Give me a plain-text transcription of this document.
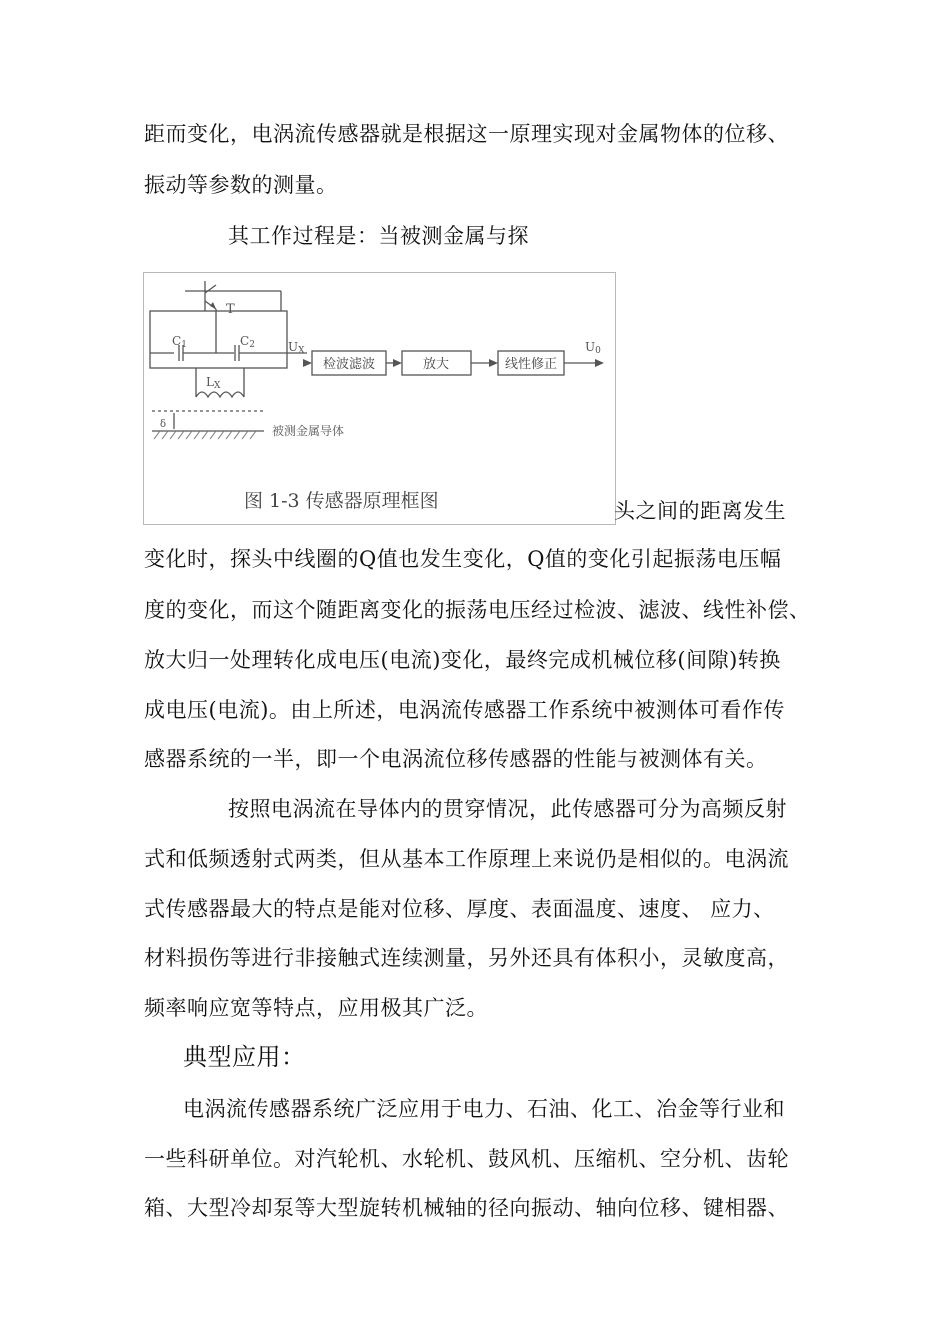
距而变化，电涡流传感器就是根据这一原理实现对金属物体的位移、

振动等参数的测量。

其工作过程是：当被测金属与探

检波滤波	放大	线性修正
T
C1	C2
LX
UX	U0
δ	被测金属导体
图 1-3 传感器原理框图	头之间的距离发生

变化时，探头中线圈的Q值也发生变化，Q值的变化引起振荡电压幅

度的变化，而这个随距离变化的振荡电压经过检波、滤波、线性补偿、

放大归一处理转化成电压(电流)变化，最终完成机械位移(间隙)转换

成电压(电流)。由上所述，电涡流传感器工作系统中被测体可看作传

感器系统的一半，即一个电涡流位移传感器的性能与被测体有关。

按照电涡流在导体内的贯穿情况，此传感器可分为高频反射

式和低频透射式两类，但从基本工作原理上来说仍是相似的。电涡流

式传感器最大的特点是能对位移、厚度、表面温度、速度、 应力、

材料损伤等进行非接触式连续测量，另外还具有体积小，灵敏度高，

频率响应宽等特点，应用极其广泛。

典型应用：

电涡流传感器系统广泛应用于电力、石油、化工、冶金等行业和

一些科研单位。对汽轮机、水轮机、鼓风机、压缩机、空分机、齿轮

箱、大型冷却泵等大型旋转机械轴的径向振动、轴向位移、键相器、
